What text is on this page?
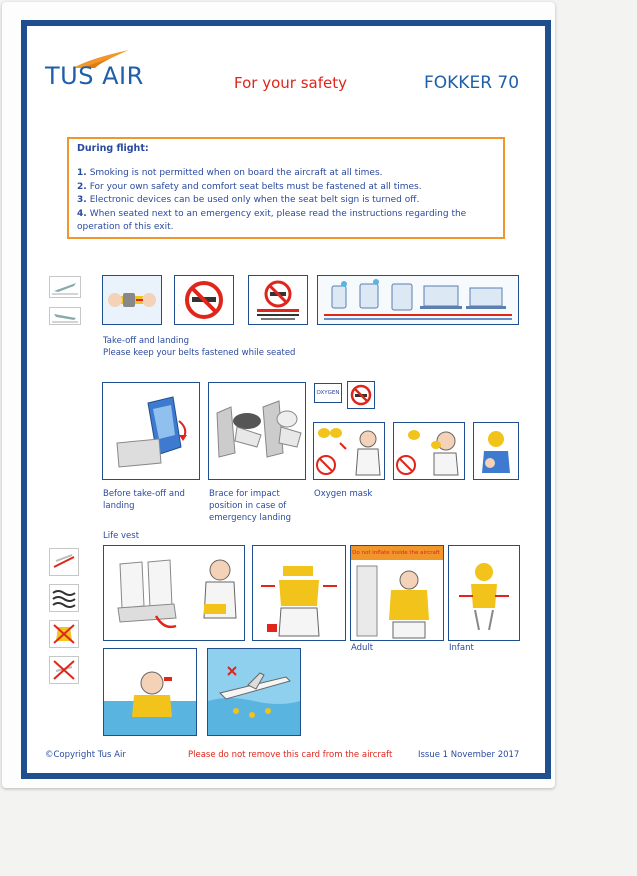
TUS AIR	For your safety	FOKKER 70
During flight:
1. Smoking is not permitted when on board the aircraft at all times.
2. For your own safety and comfort seat belts must be fastened at all times.
3. Electronic devices can be used only when the seat belt sign is turned off.
4. When seated next to an emergency exit, please read the instructions regarding the operation of this exit.
Take-off and landing
Please keep your belts fastened while seated
Before take-off and
landing
Brace for impact
position in case of
emergency landing
OXYGEN
Oxygen mask
Life vest
Do not inflate inside the aircraft
Adult	Infant
©Copyright Tus Air	Please do not remove this card from the aircraft	Issue 1 November 2017
